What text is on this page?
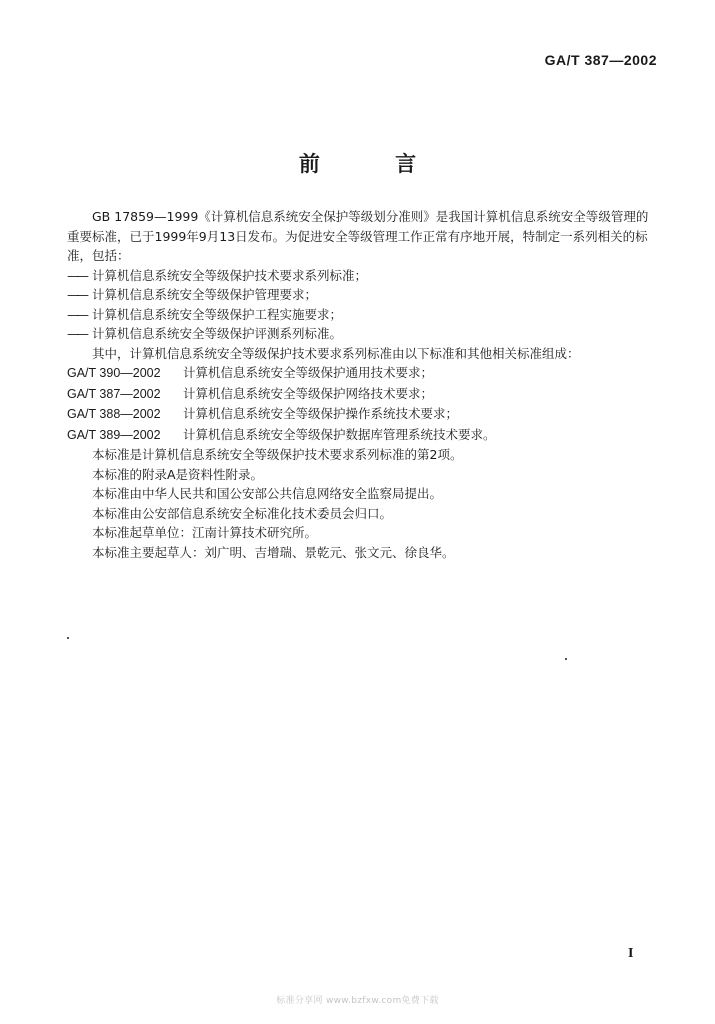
GA/T 387—2002
前 言

GB 17859—1999《计算机信息系统安全保护等级划分准则》是我国计算机信息系统安全等级管理的重要标准，已于1999年9月13日发布。为促进安全等级管理工作正常有序地开展，特制定一系列相关的标准，包括：

—— 计算机信息系统安全等级保护技术要求系列标准；

—— 计算机信息系统安全等级保护管理要求；

—— 计算机信息系统安全等级保护工程实施要求；

—— 计算机信息系统安全等级保护评测系列标准。

其中，计算机信息系统安全等级保护技术要求系列标准由以下标准和其他相关标准组成：

GA/T 390—2002 计算机信息系统安全等级保护通用技术要求；

GA/T 387—2002 计算机信息系统安全等级保护网络技术要求；

GA/T 388—2002 计算机信息系统安全等级保护操作系统技术要求；

GA/T 389—2002 计算机信息系统安全等级保护数据库管理系统技术要求。

本标准是计算机信息系统安全等级保护技术要求系列标准的第2项。

本标准的附录A是资料性附录。

本标准由中华人民共和国公安部公共信息网络安全监察局提出。

本标准由公安部信息系统安全标准化技术委员会归口。

本标准起草单位：江南计算技术研究所。

本标准主要起草人：刘广明、吉增瑞、景乾元、张文元、徐良华。

I
标准分享网 www.bzfxw.com免费下载
